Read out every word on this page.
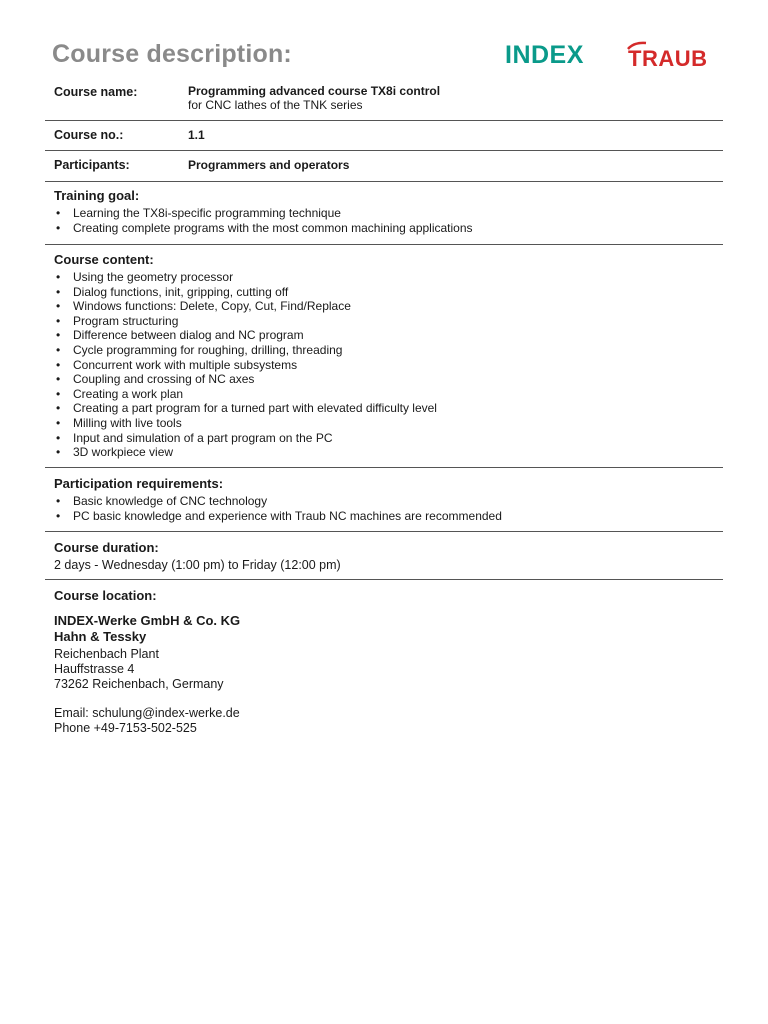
Course description:	INDEX TRAUB
Course name:	Programming advanced course TX8i control
for CNC lathes of the TNK series
Course no.:	1.1
Participants:	Programmers and operators
Training goal:
• Learning the TX8i-specific programming technique
• Creating complete programs with the most common machining applications
Course content:
• Using the geometry processor
• Dialog functions, init, gripping, cutting off
• Windows functions: Delete, Copy, Cut, Find/Replace
• Program structuring
• Difference between dialog and NC program
• Cycle programming for roughing, drilling, threading
• Concurrent work with multiple subsystems
• Coupling and crossing of NC axes
• Creating a work plan
• Creating a part program for a turned part with elevated difficulty level
• Milling with live tools
• Input and simulation of a part program on the PC
• 3D workpiece view
Participation requirements:
• Basic knowledge of CNC technology
• PC basic knowledge and experience with Traub NC machines are recommended
Course duration:
2 days - Wednesday (1:00 pm) to Friday (12:00 pm)
Course location:
INDEX-Werke GmbH & Co. KG
Hahn & Tessky
Reichenbach Plant
Hauffstrasse 4
73262 Reichenbach, Germany
Email: schulung@index-werke.de
Phone +49-7153-502-525
